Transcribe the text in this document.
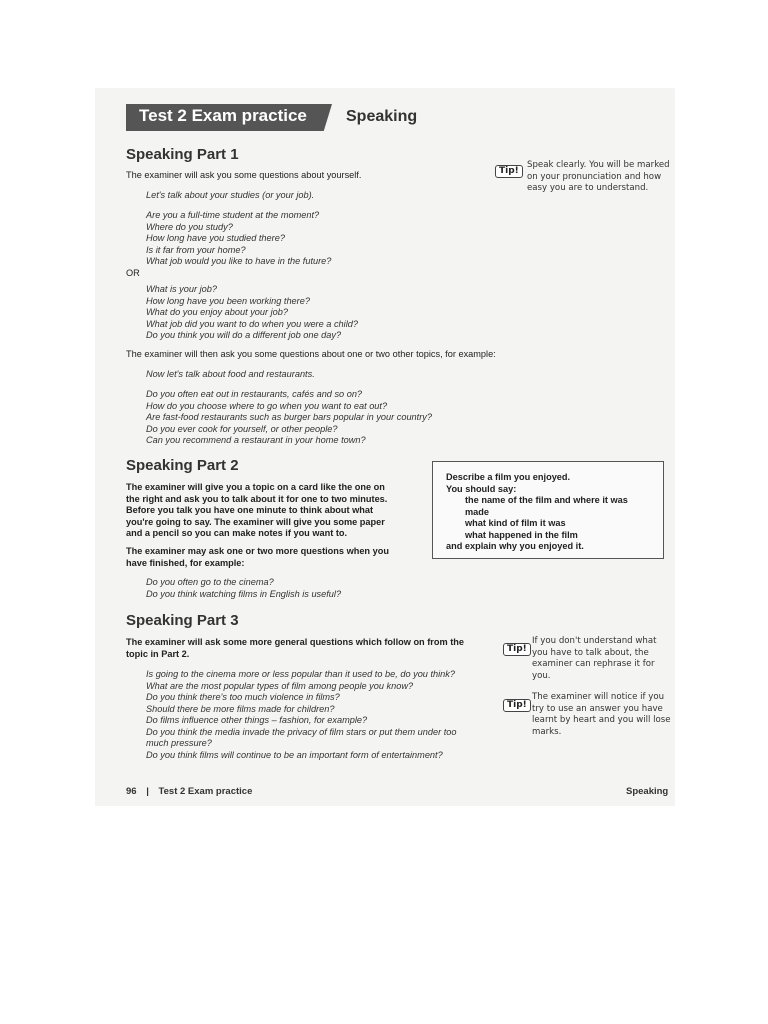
Test 2 Exam practice Speaking
Speaking Part 1
The examiner will ask you some questions about yourself.
Let's talk about your studies (or your job).
Are you a full-time student at the moment?
Where do you study?
How long have you studied there?
Is it far from your home?
What job would you like to have in the future?
OR
What is your job?
How long have you been working there?
What do you enjoy about your job?
What job did you want to do when you were a child?
Do you think you will do a different job one day?
The examiner will then ask you some questions about one or two other topics, for example:
Now let's talk about food and restaurants.
Do you often eat out in restaurants, cafés and so on?
How do you choose where to go when you want to eat out?
Are fast-food restaurants such as burger bars popular in your country?
Do you ever cook for yourself, or other people?
Can you recommend a restaurant in your home town?
Tip!
Speak clearly. You will be marked
on your pronunciation and how
easy you are to understand.
Speaking Part 2
The examiner will give you a topic on a card like the one on
the right and ask you to talk about it for one to two minutes.
Before you talk you have one minute to think about what
you're going to say. The examiner will give you some paper
and a pencil so you can make notes if you want to.
The examiner may ask one or two more questions when you
have finished, for example:
Do you often go to the cinema?
Do you think watching films in English is useful?
Describe a film you enjoyed.
You should say:
the name of the film and where it was
made
what kind of film it was
what happened in the film
and explain why you enjoyed it.
Speaking Part 3
The examiner will ask some more general questions which follow on from the
topic in Part 2.
Is going to the cinema more or less popular than it used to be, do you think?
What are the most popular types of film among people you know?
Do you think there's too much violence in films?
Should there be more films made for children?
Do films influence other things – fashion, for example?
Do you think the media invade the privacy of film stars or put them under too
much pressure?
Do you think films will continue to be an important form of entertainment?
Tip!
If you don't understand what
you have to talk about, the
examiner can rephrase it for
you.
Tip!
The examiner will notice if you
try to use an answer you have
learnt by heart and you will lose
marks.
96 | Test 2 Exam practice	Speaking
